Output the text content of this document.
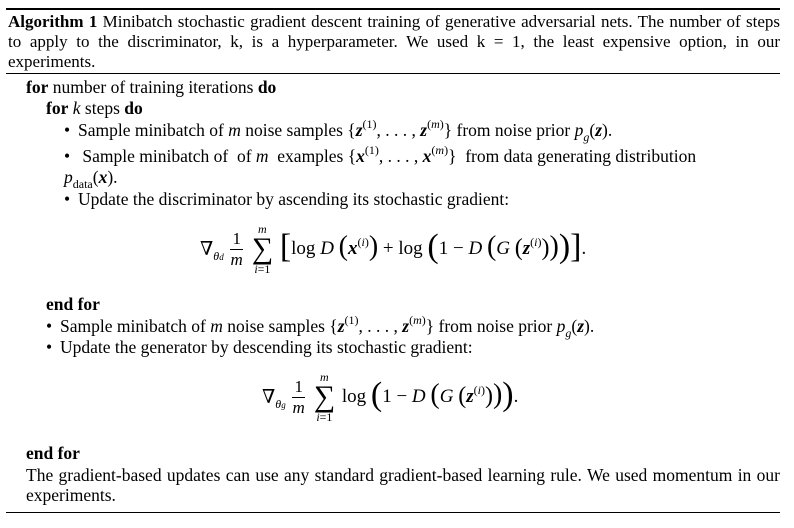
Algorithm 1 Minibatch stochastic gradient descent training of generative adversarial nets. The number of steps to apply to the discriminator, k, is a hyperparameter. We used k = 1, the least expensive option, in our experiments.
for number of training iterations do
for k steps do
• Sample minibatch of m noise samples {$z^{(1)}$, . . . , $z^{(m)}$} from noise prior $p_g(z)$.
• Sample minibatch of  of m examples {$x^{(1)}$, . . . , $x^{(m)}$} from data generating distribution
$p_{data}(x)$.
• Update the discriminator by ascending its stochastic gradient:
$\nabla_{\theta d} \frac{1}{m}$
	m
∑
i=1
[log D $(x^{(i)}) + \log (1 - D$ (G $(z^{(i)})$))].
end for
• Sample minibatch of m noise samples {$z^{(1)}$, . . . , $z^{(m)}$} from noise prior $p_g(z)$.
• Update the generator by descending its stochastic gradient:
$\nabla_{\theta g} \frac{1}{m}$
	m
∑
i=1
log (1 − D (G $(z^{(i)})$)).
end for
The gradient-based updates can use any standard gradient-based learning rule. We used momentum in our experiments.
